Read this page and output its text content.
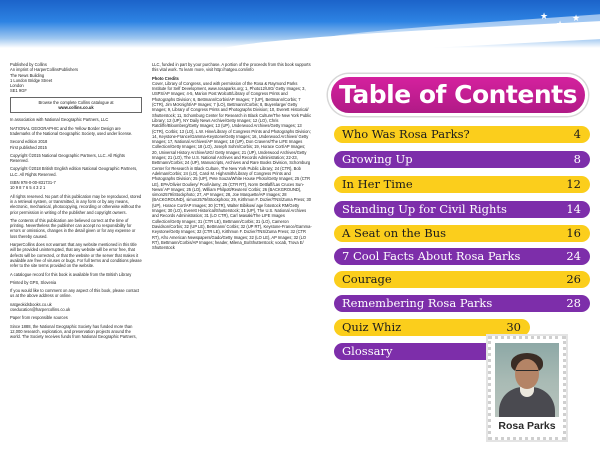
★
★
★
★
★

Published by Collins
An imprint of HarperCollinsPublishers
The News Building
1 London Bridge Street
London
SE1 9GF

Browse the complete Collins catalogue at
www.collins.co.uk

In association with National Geographic Partners, LLC

NATIONAL GEOGRAPHIC and the Yellow Border Design are trademarks of the National Geographic Society, used under license.

Second edition 2018
First published 2015

Copyright ©2015 National Geographic Partners, LLC. All Rights Reserved.

Copyright ©2018 British English edition National Geographic Partners, LLC. All Rights Reserved.

ISBN 978-0-00-831731-7
10 9 8 7 6 5 4 3 2 1

All rights reserved. No part of this publication may be reproduced, stored in a retrieval system, or transmitted, in any form or by any means, electronic, mechanical, photocopying, recording or otherwise without the prior permission in writing of the publisher and copyright owners.

The contents of this publication are believed correct at the time of printing. Nevertheless the publisher can accept no responsibility for errors or omissions, changes in the detail given or for any expense or loss thereby caused.

HarperCollins does not warrant that any website mentioned in this title will be provided uninterrupted, that any website will be error free, that defects will be corrected, or that the website or the server that makes it available are free of viruses or bugs. For full terms and conditions please refer to the site terms provided on the website.

A catalogue record for this book is available from the British Library

Printed by GPS, Slovenia

If you would like to comment on any aspect of this book, please contact us at the above address or online.

natgeokidsbooks.co.uk
cseducation@harpercollins.co.uk

Paper from responsible sources

Since 1888, the National Geographic Society has funded more than 12,000 research, exploration, and preservation projects around the world. The Society receives funds from National Geographic Partners,

LLC, funded in part by your purchase. A portion of the proceeds from this book supports this vital work. To learn more, visit http://natgeo.com/info

Photo Credits

Cover, Library of Congress, used with permission of the Rosa & Raymond Parks Institute for Self Development, www.rosaparks.org; 1, Photo12/UIG/ Getty Images; 3, USPS/AP Images; 4-5, Marion Post Wolcott/Library of Congress Prints and Photographs Division; 6, Bettmann/Corbis/AP Images; 7 (UP), Bettmann/Corbis; 7 (CTR), Jim McKnight/AP Images; 7 (LO), Bettmann/Corbis; 8, Buyenlarge/ Getty Images; 9, Library of Congress Prints and Photographs Division; 10, Everett Historical/ Shutterstock; 11, Schomburg Center for Research in Black Culture/The New York Public Library; 12 (UP), NY Daily News Archive/Getty Images; 12 (LO), Chris Ratcliffe/Bloomberg/Getty Images; 13 (UP), Underwood Archives/Getty Images; 13 (CTR), Corbis; 13 (LO), L.W. Hine/Library of Congress Prints and Photographs Division; 14, Keystone-France/Gamma-Keystone/Getty Images; 16, Underwood Archives/ Getty Images; 17, National Archives/AP Images; 18 (UP), Don Cravens/The LIFE Images Collection/Getty Images; 18 (LO), Joseph Sohm/Corbis; 19, Horace Cort/AP Images; 20, Universal History Archive/UIG/ Getty Images; 21 (UP), Underwood Archives/Getty Images; 21 (LO), The U.S. National Archives and Records Administration; 22-23, Bettmann/Corbis; 24 (UP), Manuscripts, Archives and Rare Books Division, Schomburg Center for Research in Black Culture, The New York Public Library; 24 (CTR), Bob Adelman/Corbis; 24 (LO), Carol M. Highsmith/Library of Congress Prints and Photographs Division; 25 (UP), Pete Souza/White House Photo/Getty Images; 25 (CTR LE), EPA/Olivier Douliery/ Pool/Alamy; 25 (CTR RT), Norm Dettlaff/Las Cruces Sun-News/ AP Images; 25 (LO), William Philpott/Reuters/ Corbis; 26 (BACKGROUND), simon2579/iStockphoto; 27, AP Images; 28, Joe Marquette/AP Images; 28 (BACKGROUND), simon2579/iStockphoto; 29, Kirthmon F. Dozier/TNS/Zuma Press; 30 (UP), Horace Cort/AP Images; 30 (CTR), Walter Bibikow/ age fotostock RM/Getty Images; 30 (LO), Everett Historical/Shutterstock; 31 (UP), The U.S. National Archives and Records Administration; 31 (LO CTR), Carl Iwasaki/The LIFE Images Collection/Getty Images; 31 (CTR LE), Bettmann/Corbis; 31 (LO), Cameron Davidson/Corbis; 32 (UP LE), Bettmann/ Corbis; 32 (UP RT), Keystone-France/Gamma-Keystone/Getty Images; 32 (CTR LE), Kirthmon F. Dozier/TNS/Zuma Press; 32 (CTR RT), Afro American Newspapers/Gado/Getty Images; 32 (LO LE), AP Images; 32 (LO RT), Bettmann/Corbis/AP Images; header, Milena_Bo/Shutterstock; vocab, Trova E/ Shutterstock

Table of Contents
Who Was Rosa Parks?	4
Growing Up	8
In Her Time	12
Standing Up for Civil Rights	14
A Seat on the Bus	16
7 Cool Facts About Rosa Parks	24
Courage	26
Remembering Rosa Parks	28
Quiz Whiz	30
Glossary
Rosa Parks
